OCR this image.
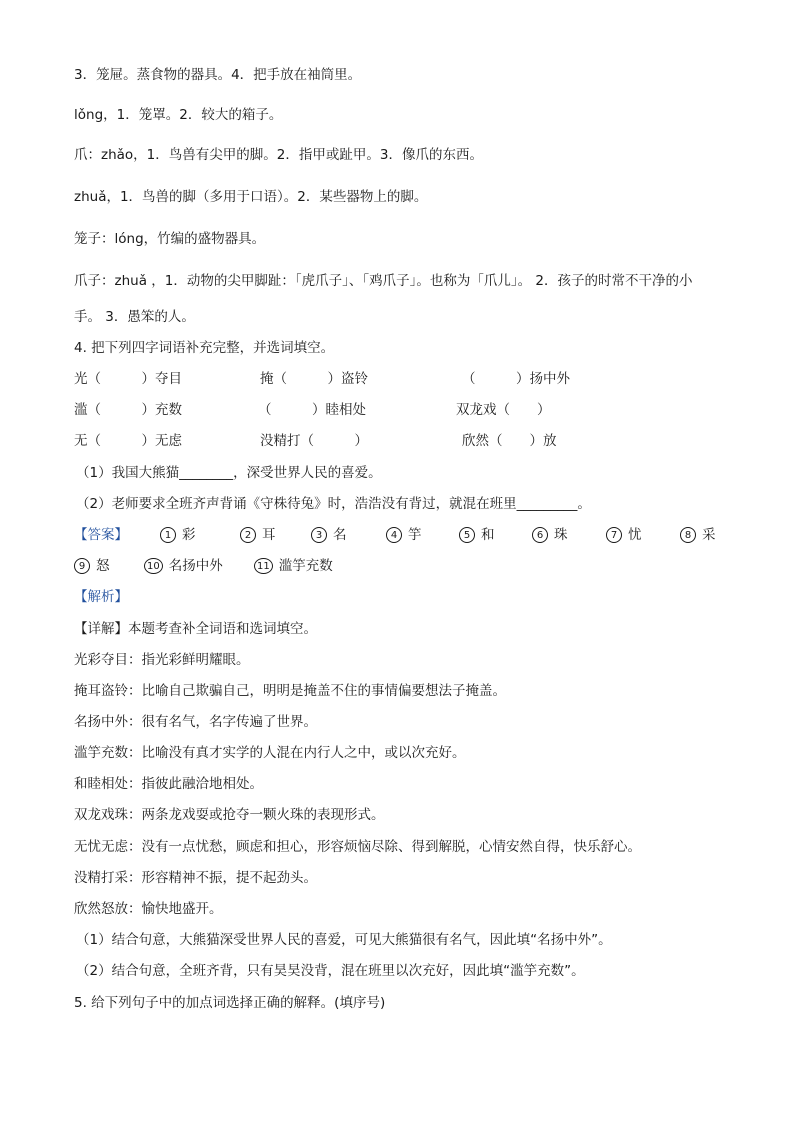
3．笼屉。蒸食物的器具。4．把手放在袖筒里。
lǒng，1．笼罩。2．较大的箱子。
爪：zhǎo，1．鸟兽有尖甲的脚。2．指甲或趾甲。3．像爪的东西。
zhuǎ，1．鸟兽的脚（多用于口语）。2．某些器物上的脚。
笼子：lóng，竹编的盛物器具。
爪子：zhuǎ ，1．动物的尖甲脚趾：「虎爪子」、「鸡爪子」。也称为「爪儿」。 2．孩子的时常不干净的小
手。 3．愚笨的人。
4. 把下列四字词语补充完整，并选词填空。
光（　　　）夺目	掩（　　　）盗铃	（　　　）扬中外
滥（　　　）充数	（　　　）睦相处	双龙戏（　　）
无（　　　）无虑	没精打（　　　）	欣然（　　）放
（1）我国大熊猫________，深受世界人民的喜爱。
（2）老师要求全班齐声背诵《守株待兔》时，浩浩没有背过，就混在班里_________。
【答案】	1 彩	2 耳	3 名	4 竽	5 和	6 珠	7 忧	8 采
9 怒	10 名扬中外	11 滥竽充数
【解析】
【详解】本题考查补全词语和选词填空。
光彩夺目：指光彩鲜明耀眼。
掩耳盗铃：比喻自己欺骗自己，明明是掩盖不住的事情偏要想法子掩盖。
名扬中外：很有名气，名字传遍了世界。
滥竽充数：比喻没有真才实学的人混在内行人之中，或以次充好。
和睦相处：指彼此融洽地相处。
双龙戏珠：两条龙戏耍或抢夺一颗火珠的表现形式。
无忧无虑：没有一点忧愁，顾虑和担心，形容烦恼尽除、得到解脱，心情安然自得，快乐舒心。
没精打采：形容精神不振，提不起劲头。
欣然怒放：愉快地盛开。
（1）结合句意，大熊猫深受世界人民的喜爱，可见大熊猫很有名气，因此填“名扬中外”。
（2）结合句意，全班齐背，只有昊昊没背，混在班里以次充好，因此填“滥竽充数”。
5. 给下列句子中的加点词选择正确的解释。(填序号)
